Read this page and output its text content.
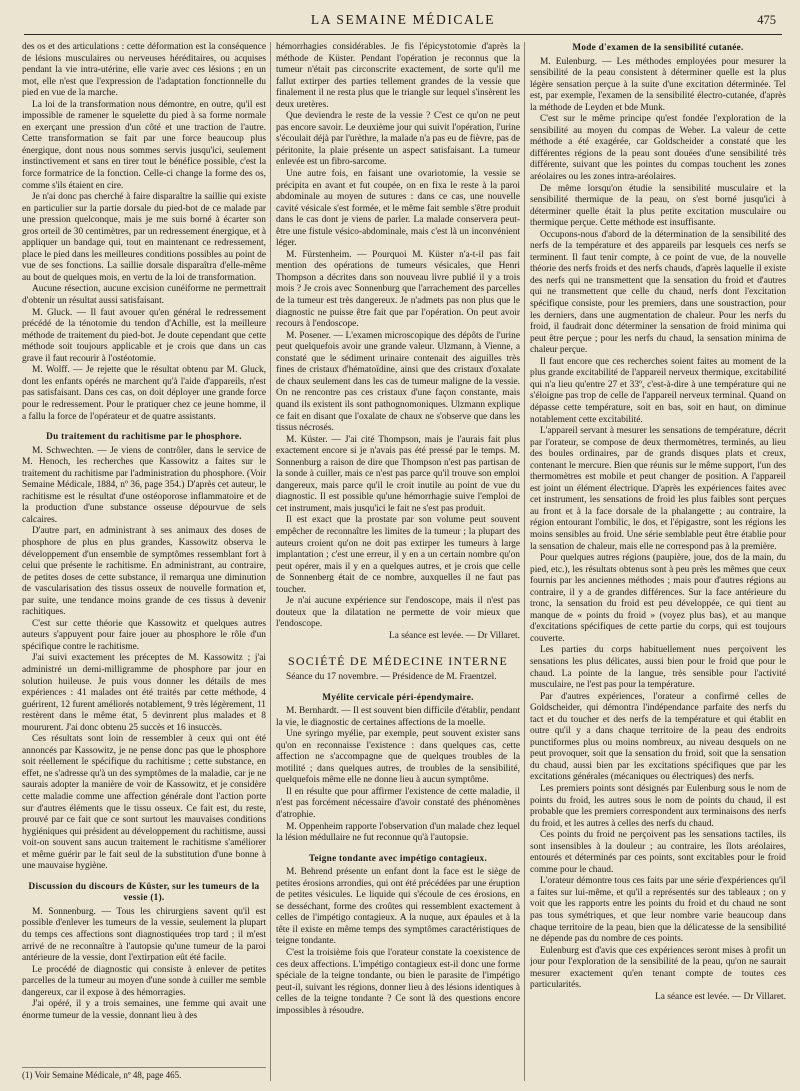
LA SEMAINE MÉDICALE	475

des os et des articulations : cette déformation est la conséquence de lésions musculaires ou nerveuses héréditaires, ou acquises pendant la vie intra-utérine, elle varie avec ces lésions ; en un mot, elle n'est que l'expression de l'adaptation fonctionnelle du pied en vue de la marche.

La loi de la transformation nous démontre, en outre, qu'il est impossible de ramener le squelette du pied à sa forme normale en exerçant une pression d'un côté et une traction de l'autre. Cette transformation se fait par une force beaucoup plus énergique, dont nous nous sommes servis jusqu'ici, seulement instinctivement et sans en tirer tout le bénéfice possible, c'est la force formatrice de la fonction. Celle-ci change la forme des os, comme s'ils étaient en cire.

Je n'ai donc pas cherché à faire disparaître la saillie qui existe en particulier sur la partie dorsale du pied-bot de ce malade par une pression quelconque, mais je me suis borné à écarter son gros orteil de 30 centimètres, par un redressement énergique, et à appliquer un bandage qui, tout en maintenant ce redressement, place le pied dans les meilleures conditions possibles au point de vue de ses fonctions. La saillie dorsale disparaîtra d'elle-même au bout de quelques mois, en vertu de la loi de transformation.

Aucune résection, aucune excision cunéiforme ne permettrait d'obtenir un résultat aussi satisfaisant.

M. Gluck. — Il faut avouer qu'en général le redressement précédé de la ténotomie du tendon d'Achille, est la meilleure méthode de traitement du pied-bot. Je doute cependant que cette méthode soit toujours applicable et je crois que dans un cas grave il faut recourir à l'ostéotomie.

M. Wolff. — Je rejette que le résultat obtenu par M. Gluck, dont les enfants opérés ne marchent qu'à l'aide d'appareils, n'est pas satisfaisant. Dans ces cas, on doit déployer une grande force pour le redressement. Pour le pratiquer chez ce jeune homme, il a fallu la force de l'opérateur et de quatre assistants.

Du traitement du rachitisme par le phosphore.

M. Schwechten. — Je viens de contrôler, dans le service de M. Henoch, les recherches que Kassowitz a faites sur le traitement du rachitisme par l'administration du phosphore. (Voir Semaine Médicale, 1884, nº 36, page 354.) D'après cet auteur, le rachitisme est le résultat d'une ostéoporose inflammatoire et de la production d'une substance osseuse dépourvue de sels calcaires.

D'autre part, en administrant à ses animaux des doses de phosphore de plus en plus grandes, Kassowitz observa le développement d'un ensemble de symptômes ressemblant fort à celui que présente le rachitisme. En administrant, au contraire, de petites doses de cette substance, il remarqua une diminution de vascularisation des tissus osseux de nouvelle formation et, par suite, une tendance moins grande de ces tissus à devenir rachitiques.

C'est sur cette théorie que Kassowitz et quelques autres auteurs s'appuyent pour faire jouer au phosphore le rôle d'un spécifique contre le rachitisme.

J'ai suivi exactement les préceptes de M. Kassowitz ; j'ai administré un demi-milligramme de phosphore par jour en solution huileuse. Je puis vous donner les détails de mes expériences : 41 malades ont été traités par cette méthode, 4 guérirent, 12 furent améliorés notablement, 9 très légèrement, 11 restèrent dans le même état, 5 devinrent plus malades et 8 moururent. J'ai donc obtenu 25 succès et 16 insuccès.

Ces résultats sont loin de ressembler à ceux qui ont été annoncés par Kassowitz, je ne pense donc pas que le phosphore soit réellement le spécifique du rachitisme ; cette substance, en effet, ne s'adresse qu'à un des symptômes de la maladie, car je ne saurais adopter la manière de voir de Kassowitz, et je considère cette maladie comme une affection générale dont l'action porte sur d'autres éléments que le tissu osseux. Ce fait est, du reste, prouvé par ce fait que ce sont surtout les mauvaises conditions hygiéniques qui président au développement du rachitisme, aussi voit-on souvent sans aucun traitement le rachitisme s'améliorer et même guérir par le fait seul de la substitution d'une bonne à une mauvaise hygiène.

Discussion du discours de Küster, sur les tumeurs de la vessie (1).

M. Sonnenburg. — Tous les chirurgiens savent qu'il est possible d'enlever les tumeurs de la vessie, seulement la plupart du temps ces affections sont diagnostiquées trop tard ; il m'est arrivé de ne reconnaître à l'autopsie qu'une tumeur de la paroi antérieure de la vessie, dont l'extirpation eût été facile.

Le procédé de diagnostic qui consiste à enlever de petites parcelles de la tumeur au moyen d'une sonde à cuiller me semble dangereux, car il expose à des hémorragies.

J'ai opéré, il y a trois semaines, une femme qui avait une énorme tumeur de la vessie, donnant lieu à des

(1) Voir Semaine Médicale, nº 48, page 465.

hémorrhagies considérables. Je fis l'épicystotomie d'après la méthode de Küster. Pendant l'opération je reconnus que la tumeur n'était pas circonscrite exactement, de sorte qu'il me fallut extirper des parties tellement grandes de la vessie que finalement il ne resta plus que le triangle sur lequel s'insèrent les deux uretères.

Que deviendra le reste de la vessie ? C'est ce qu'on ne peut pas encore savoir. Le deuxième jour qui suivit l'opération, l'urine s'écoulait déjà par l'urèthre, la malade n'a pas eu de fièvre, pas de péritonite, la plaie présente un aspect satisfaisant. La tumeur enlevée est un fibro-sarcome.

Une autre fois, en faisant une ovariotomie, la vessie se précipita en avant et fut coupée, on en fixa le reste à la paroi abdominale au moyen de sutures : dans ce cas, une nouvelle cavité vésicale s'est formée, et le même fait semble s'être produit dans le cas dont je viens de parler. La malade conservera peut-être une fistule vésico-abdominale, mais c'est là un inconvénient léger.

M. Fürstenheim. — Pourquoi M. Küster n'a-t-il pas fait mention des opérations de tumeurs vésicales, que Henri Thompson a décrites dans son nouveau livre publié il y a trois mois ? Je crois avec Sonnenburg que l'arrachement des parcelles de la tumeur est très dangereux. Je n'admets pas non plus que le diagnostic ne puisse être fait que par l'opération. On peut avoir recours à l'endoscope.

M. Posener. — L'examen microscopique des dépôts de l'urine peut quelquefois avoir une grande valeur. Ulzmann, à Vienne, a constaté que le sédiment urinaire contenait des aiguilles très fines de cristaux d'hématoïdine, ainsi que des cristaux d'oxalate de chaux seulement dans les cas de tumeur maligne de la vessie. On ne rencontre pas ces cristaux d'une façon constante, mais quand ils existent ils sont pathognomoniques. Ulzmann explique ce fait en disant que l'oxalate de chaux ne s'observe que dans les tissus nécrosés.

M. Küster. — J'ai cité Thompson, mais je l'aurais fait plus exactement encore si je n'avais pas été pressé par le temps. M. Sonnenburg a raison de dire que Thompson n'est pas partisan de la sonde à cuiller, mais ce n'est pas parce qu'il trouve son emploi dangereux, mais parce qu'il le croit inutile au point de vue du diagnostic. Il est possible qu'une hémorrhagie suive l'emploi de cet instrument, mais jusqu'ici le fait ne s'est pas produit.

Il est exact que la prostate par son volume peut souvent empêcher de reconnaître les limites de la tumeur ; la plupart des auteurs croient qu'on ne doit pas extirper les tumeurs à large implantation ; c'est une erreur, il y en a un certain nombre qu'on peut opérer, mais il y en a quelques autres, et je crois que celle de Sonnenberg était de ce nombre, auxquelles il ne faut pas toucher.

Je n'ai aucune expérience sur l'endoscope, mais il n'est pas douteux que la dilatation ne permette de voir mieux que l'endoscope.

La séance est levée. — Dr Villaret.

SOCIÉTÉ DE MÉDECINE INTERNE

Séance du 17 novembre. — Présidence de M. Fraentzel.

Myélite cervicale péri-épendymaire.

M. Bernhardt. — Il est souvent bien difficile d'établir, pendant la vie, le diagnostic de certaines affections de la moelle.

Une syringo myélie, par exemple, peut souvent exister sans qu'on en reconnaisse l'existence : dans quelques cas, cette affection ne s'accompagne que de quelques troubles de la motilité ; dans quelques autres, de troubles de la sensibilité, quelquefois même elle ne donne lieu à aucun symptôme.

Il en résulte que pour affirmer l'existence de cette maladie, il n'est pas forcément nécessaire d'avoir constaté des phénomènes d'atrophie.

M. Oppenheim rapporte l'observation d'un malade chez lequel la lésion médullaire ne fut reconnue qu'à l'autopsie.

Teigne tondante avec impétigo contagieux.

M. Behrend présente un enfant dont la face est le siège de petites érosions arrondies, qui ont été précédées par une éruption de petites vésicules. Le liquide qui s'écoule de ces érosions, en se desséchant, forme des croûtes qui ressemblent exactement à celles de l'impétigo contagieux. A la nuque, aux épaules et à la tête il existe en même temps des symptômes caractéristiques de teigne tondante.

C'est la troisième fois que l'orateur constate la coexistence de ces deux affections. L'impétigo contagieux est-il donc une forme spéciale de la teigne tondante, ou bien le parasite de l'impétigo peut-il, suivant les régions, donner lieu à des lésions identiques à celles de la teigne tondante ? Ce sont là des questions encore impossibles à résoudre.

Mode d'examen de la sensibilité cutanée.

M. Eulenburg. — Les méthodes employées pour mesurer la sensibilité de la peau consistent à déterminer quelle est la plus légère sensation perçue à la suite d'une excitation déterminée. Tel est, par exemple, l'examen de la sensibilité électro-cutanée, d'après la méthode de Leyden et bde Munk.

C'est sur le même principe qu'est fondée l'exploration de la sensibilité au moyen du compas de Weber. La valeur de cette méthode a été exagérée, car Goldscheider a constaté que les différentes régions de la peau sont douées d'une sensibilité très différente, suivant que les pointes du compas touchent les zones aréolaires ou les zones intra-aréolaires.

De même lorsqu'on étudie la sensibilité musculaire et la sensibilité thermique de la peau, on s'est borné jusqu'ici à déterminer quelle était la plus petite excitation musculaire ou thermique perçue. Cette méthode est insuffisante.

Occupons-nous d'abord de la détermination de la sensibilité des nerfs de la température et des appareils par lesquels ces nerfs se terminent. Il faut tenir compte, à ce point de vue, de la nouvelle théorie des nerfs froids et des nerfs chauds, d'après laquelle il existe des nerfs qui ne transmettent que la sensation du froid et d'autres qui ne transmettent que celle du chaud, nerfs dont l'excitation spécifique consiste, pour les premiers, dans une soustraction, pour les derniers, dans une augmentation de chaleur. Pour les nerfs du froid, il faudrait donc déterminer la sensation de froid minima qui peut être perçue ; pour les nerfs du chaud, la sensation minima de chaleur perçue.

Il faut encore que ces recherches soient faites au moment de la plus grande excitabilité de l'appareil nerveux thermique, excitabilité qui n'a lieu qu'entre 27 et 33º, c'est-à-dire à une température qui ne s'éloigne pas trop de celle de l'appareil nerveux terminal. Quand on dépasse cette température, soit en bas, soit en haut, on diminue notablement cette excitabilité.

L'appareil servant à mesurer les sensations de température, décrit par l'orateur, se compose de deux thermomètres, terminés, au lieu des boules ordinaires, par de grands disques plats et creux, contenant le mercure. Bien que réunis sur le même support, l'un des thermomètres est mobile et peut changer de position. A l'appareil est joint un élément électrique. D'après les expériences faites avec cet instrument, les sensations de froid les plus faibles sont perçues au front et à la face dorsale de la phalangette ; au contraire, la région entourant l'ombilic, le dos, et l'épigastre, sont les régions les moins sensibles au froid. Une série semblable peut être établie pour la sensation de chaleur, mais elle ne correspond pas à la première.

Pour quelques autres régions (paupière, joue, dos de la main, du pied, etc.), les résultats obtenus sont à peu près les mêmes que ceux fournis par les anciennes méthodes ; mais pour d'autres régions au contraire, il y a de grandes différences. Sur la face antérieure du tronc, la sensation du froid est peu développée, ce qui tient au manque de « points du froid » (voyez plus bas), et au manque d'excitations spécifiques de cette partie du corps, qui est toujours couverte.

Les parties du corps habituellement nues perçoivent les sensations les plus délicates, aussi bien pour le froid que pour le chaud. La pointe de la langue, très sensible pour l'activité musculaire, ne l'est pas pour la température.

Par d'autres expériences, l'orateur a confirmé celles de Goldscheider, qui démontra l'indépendance parfaite des nerfs du tact et du toucher et des nerfs de la température et qui établit en outre qu'il y a dans chaque territoire de la peau des endroits punctiformes plus ou moins nombreux, au niveau desquels on ne peut provoquer, soit que la sensation du froid, soit que la sensation du chaud, aussi bien par les excitations spécifiques que par les excitations générales (mécaniques ou électriques) des nerfs.

Les premiers points sont désignés par Eulenburg sous le nom de points du froid, les autres sous le nom de points du chaud, il est probable que les premiers correspondent aux terminaisons des nerfs du froid, et les autres à celles des nerfs du chaud.

Ces points du froid ne perçoivent pas les sensations tactiles, ils sont insensibles à la douleur ; au contraire, les îlots aréolaires, entourés et déterminés par ces points, sont excitables pour le froid comme pour le chaud.

L'orateur démontre tous ces faits par une série d'expériences qu'il a faites sur lui-même, et qu'il a représentés sur des tableaux ; on y voit que les rapports entre les points du froid et du chaud ne sont pas tous symétriques, et que leur nombre varie beaucoup dans chaque territoire de la peau, bien que la délicatesse de la sensibilité ne dépende pas du nombre de ces points.

Eulenburg est d'avis que ces expériences seront mises à profit un jour pour l'exploration de la sensibilité de la peau, qu'on ne saurait mesurer exactement qu'en tenant compte de toutes ces particularités.

La séance est levée. — Dr Villaret.
